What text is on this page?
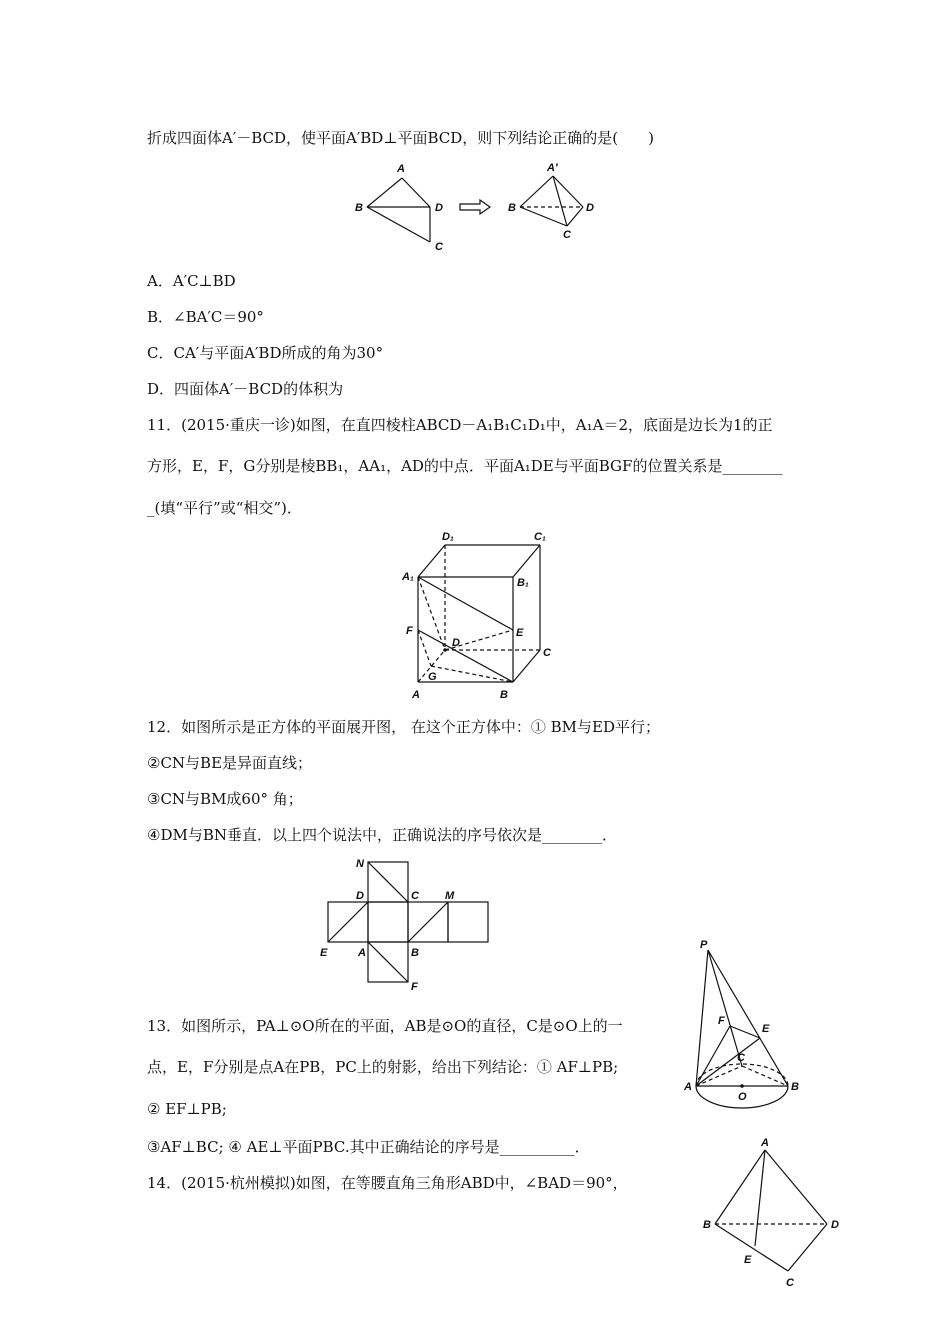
折成四面体A′－BCD，使平面A′BD⊥平面BCD，则下列结论正确的是(　　)
A
B	D
C
A′
B	D
C
A．A′C⊥BD
B．∠BA′C＝90°
C．CA′与平面A′BD所成的角为30°
D．四面体A′－BCD的体积为
11．(2015·重庆一诊)如图，在直四棱柱ABCD－A₁B₁C₁D₁中，A₁A＝2，底面是边长为1的正
方形，E，F，G分别是棱BB₁，AA₁，AD的中点．平面A₁DE与平面BGF的位置关系是________
_(填“平行”或“相交”)．
D₁	C₁
A₁	B₁
F	E
D
C
G
A	B
12．如图所示是正方体的平面展开图， 在这个正方体中：① BM与ED平行；
②CN与BE是异面直线；
③CN与BM成60° 角；
④DM与BN垂直．以上四个说法中，正确说法的序号依次是________．
N
D	C M
E	A	B
F
13．如图所示，PA⊥⊙O所在的平面，AB是⊙O的直径，C是⊙O上的一
点，E，F分别是点A在PB，PC上的射影，给出下列结论：① AF⊥PB;
② EF⊥PB;
③AF⊥BC; ④ AE⊥平面PBC.其中正确结论的序号是__________．
P
F
E
C
A
O
B
14．(2015·杭州模拟)如图，在等腰直角三角形ABD中，∠BAD＝90°，
A
B	D
E
C
